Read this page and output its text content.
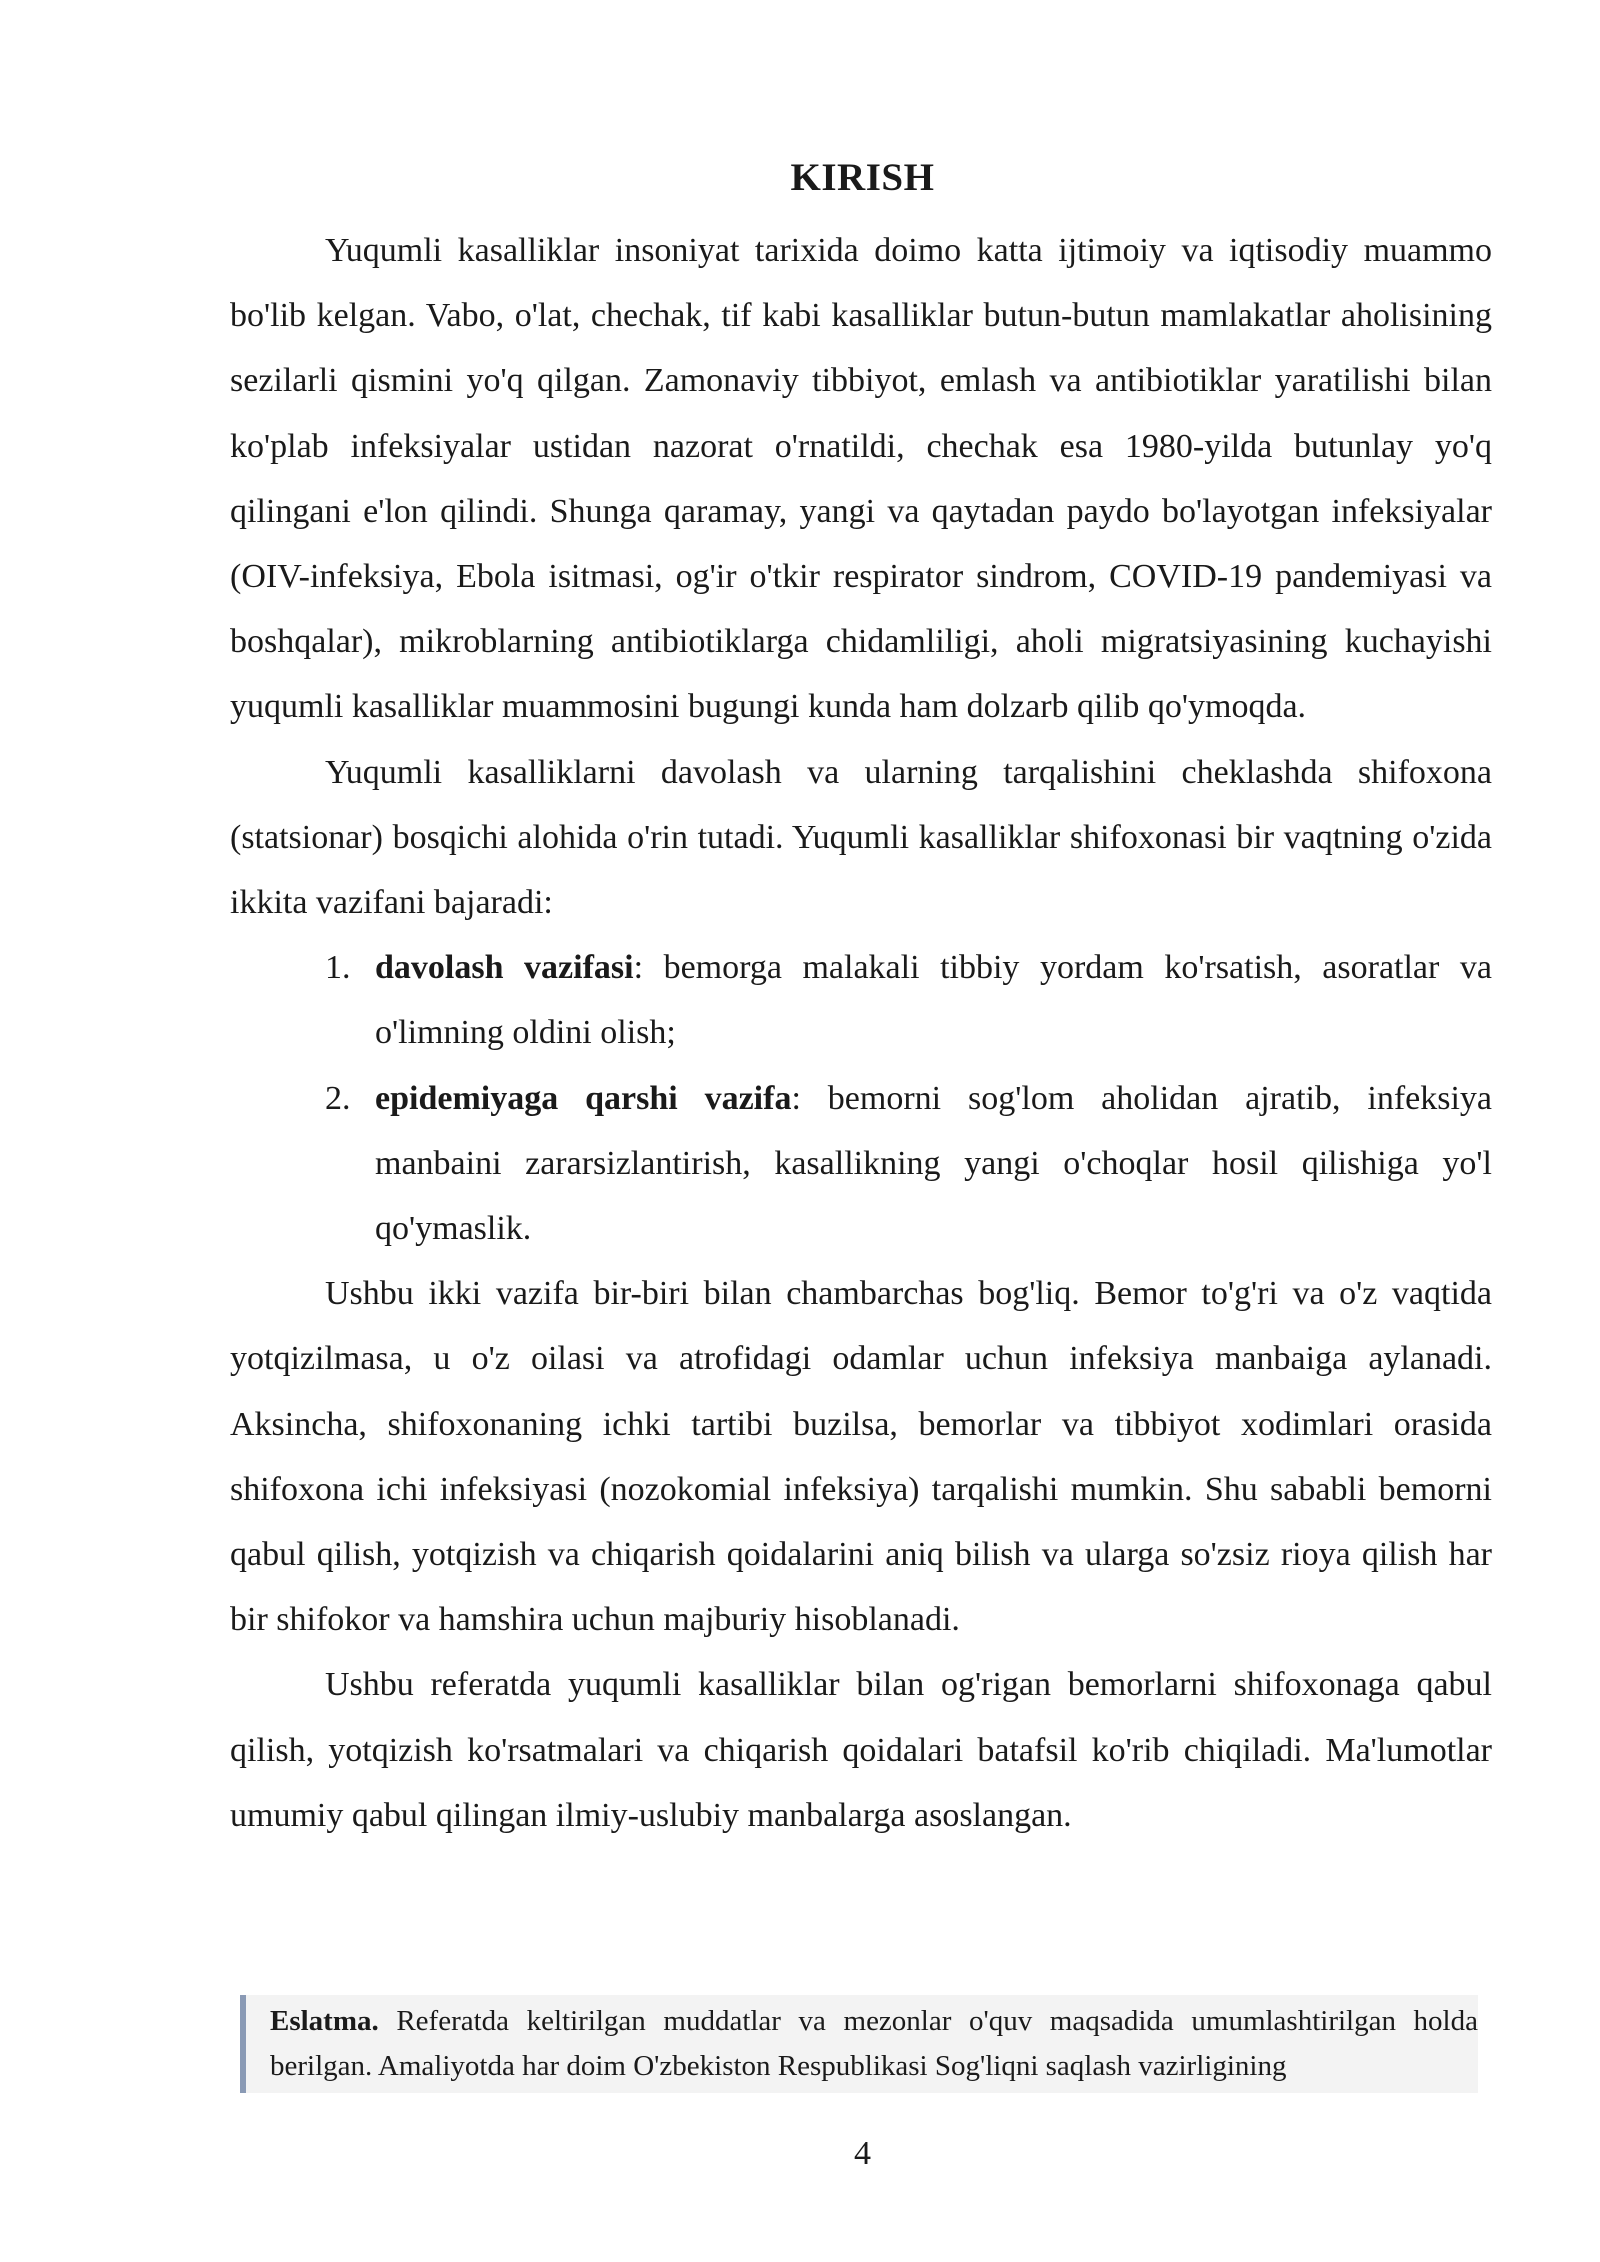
KIRISH

Yuqumli kasalliklar insoniyat tarixida doimo katta ijtimoiy va iqtisodiy muammo bo'lib kelgan. Vabo, o'lat, chechak, tif kabi kasalliklar butun-butun mamlakatlar aholisining sezilarli qismini yo'q qilgan. Zamonaviy tibbiyot, emlash va antibiotiklar yaratilishi bilan ko'plab infeksiyalar ustidan nazorat o'rnatildi, chechak esa 1980-yilda butunlay yo'q qilingani e'lon qilindi. Shunga qaramay, yangi va qaytadan paydo bo'layotgan infeksiyalar (OIV-infeksiya, Ebola isitmasi, og'ir o'tkir respirator sindrom, COVID-19 pandemiyasi va boshqalar), mikroblarning antibiotiklarga chidamliligi, aholi migratsiyasining kuchayishi yuqumli kasalliklar muammosini bugungi kunda ham dolzarb qilib qo'ymoqda.

Yuqumli kasalliklarni davolash va ularning tarqalishini cheklashda shifoxona (statsionar) bosqichi alohida o'rin tutadi. Yuqumli kasalliklar shifoxonasi bir vaqtning o'zida ikkita vazifani bajaradi:

1. davolash vazifasi: bemorga malakali tibbiy yordam ko'rsatish, asoratlar va o'limning oldini olish;
2. epidemiyaga qarshi vazifa: bemorni sog'lom aholidan ajratib, infeksiya manbaini zararsizlantirish, kasallikning yangi o'choqlar hosil qilishiga yo'l qo'ymaslik.

Ushbu ikki vazifa bir-biri bilan chambarchas bog'liq. Bemor to'g'ri va o'z vaqtida yotqizilmasa, u o'z oilasi va atrofidagi odamlar uchun infeksiya manbaiga aylanadi. Aksincha, shifoxonaning ichki tartibi buzilsa, bemorlar va tibbiyot xodimlari orasida shifoxona ichi infeksiyasi (nozokomial infeksiya) tarqalishi mumkin. Shu sababli bemorni qabul qilish, yotqizish va chiqarish qoidalarini aniq bilish va ularga so'zsiz rioya qilish har bir shifokor va hamshira uchun majburiy hisoblanadi.

Ushbu referatda yuqumli kasalliklar bilan og'rigan bemorlarni shifoxonaga qabul qilish, yotqizish ko'rsatmalari va chiqarish qoidalari batafsil ko'rib chiqiladi. Ma'lumotlar umumiy qabul qilingan ilmiy-uslubiy manbalarga asoslangan.

Eslatma. Referatda keltirilgan muddatlar va mezonlar o'quv maqsadida umumlashtirilgan holda berilgan. Amaliyotda har doim O'zbekiston Respublikasi Sog'liqni saqlash vazirligining
4
